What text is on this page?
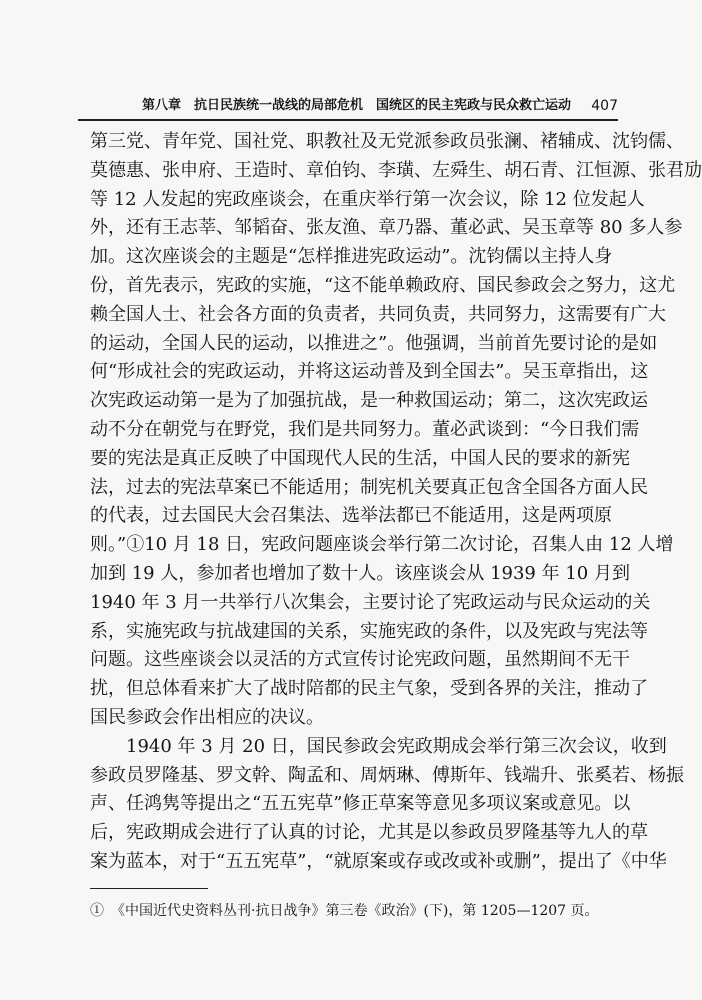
第八章　抗日民族统一战线的局部危机　国统区的民主宪政与民众救亡运动 407
第三党、青年党、国社党、职教社及无党派参政员张澜、褚辅成、沈钧儒、
莫德惠、张申府、王造时、章伯钧、李璜、左舜生、胡石青、江恒源、张君劢
等 12 人发起的宪政座谈会，在重庆举行第一次会议，除 12 位发起人
外，还有王志莘、邹韬奋、张友渔、章乃器、董必武、吴玉章等 80 多人参
加。这次座谈会的主题是“怎样推进宪政运动”。沈钧儒以主持人身
份，首先表示，宪政的实施，“这不能单赖政府、国民参政会之努力，这尤
赖全国人士、社会各方面的负责者，共同负责，共同努力，这需要有广大
的运动，全国人民的运动，以推进之”。他强调，当前首先要讨论的是如
何“形成社会的宪政运动，并将这运动普及到全国去”。吴玉章指出，这
次宪政运动第一是为了加强抗战，是一种救国运动；第二，这次宪政运
动不分在朝党与在野党，我们是共同努力。董必武谈到：“今日我们需
要的宪法是真正反映了中国现代人民的生活，中国人民的要求的新宪
法，过去的宪法草案已不能适用；制宪机关要真正包含全国各方面人民
的代表，过去国民大会召集法、选举法都已不能适用，这是两项原
则。”①10 月 18 日，宪政问题座谈会举行第二次讨论，召集人由 12 人增
加到 19 人，参加者也增加了数十人。该座谈会从 1939 年 10 月到
1940 年 3 月一共举行八次集会，主要讨论了宪政运动与民众运动的关
系，实施宪政与抗战建国的关系，实施宪政的条件，以及宪政与宪法等
问题。这些座谈会以灵活的方式宣传讨论宪政问题，虽然期间不无干
扰，但总体看来扩大了战时陪都的民主气象，受到各界的关注，推动了
国民参政会作出相应的决议。
1940 年 3 月 20 日，国民参政会宪政期成会举行第三次会议，收到
参政员罗隆基、罗文幹、陶孟和、周炳琳、傅斯年、钱端升、张奚若、杨振
声、任鸿隽等提出之“五五宪草”修正草案等意见多项议案或意见。以
后，宪政期成会进行了认真的讨论，尤其是以参政员罗隆基等九人的草
案为蓝本，对于“五五宪草”，“就原案或存或改或补或删”，提出了《中华
①　《中国近代史资料丛刊·抗日战争》第三卷《政治》(下)，第 1205—1207 页。
